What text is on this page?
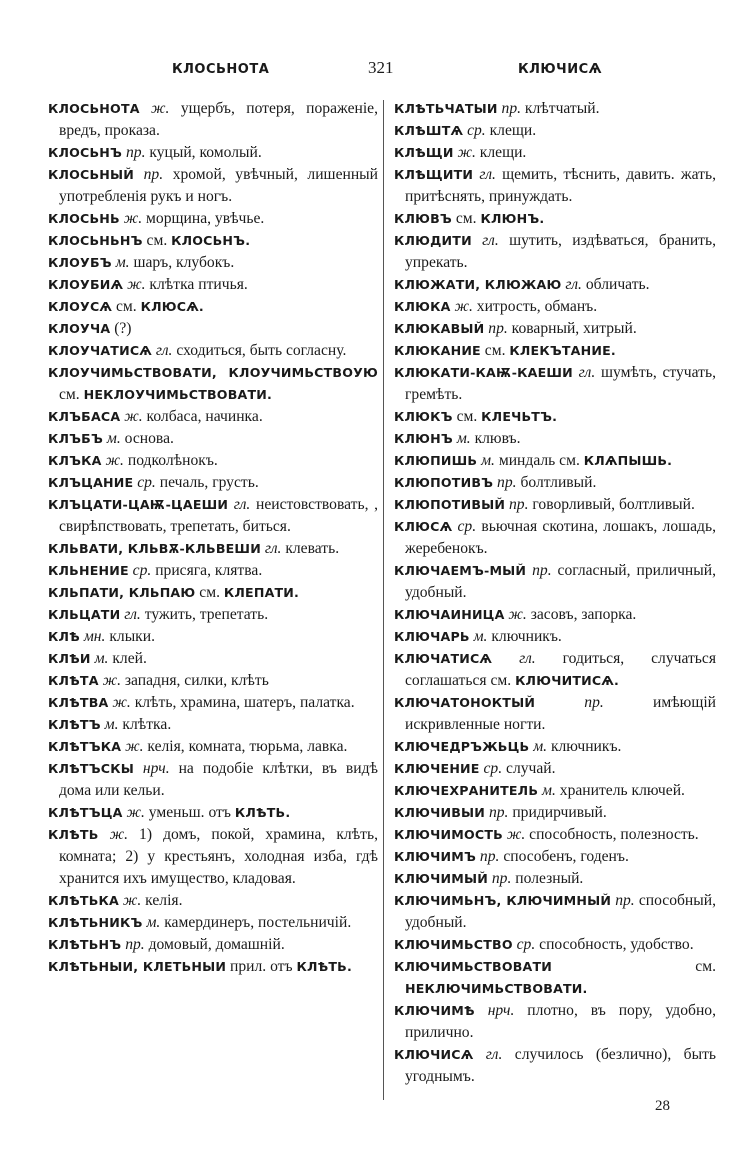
КЛОСЬНОТА	321	КЛЮЧИСѦ

КЛОСЬНОТА ж. ущербъ, потеря, пораженіе, вредъ, проказа.

КЛОСЬНЪ пр. куцый, комолый.

КЛОСЬНЫЙ пр. хромой, увѣчный, лишенный употребленія рукъ и ногъ.

КЛОСЬНЬ ж. морщина, увѣчье.

КЛОСЬНЬНЪ см. КЛОСЬНЪ.

КЛОУБЪ м. шаръ, клубокъ.

КЛОУБИѦ ж. клѣтка птичья.

КЛОУСѦ см. КЛЮСѦ.

КЛОУЧА (?)

КЛОУЧАТИСѦ гл. сходиться, быть согласну.

КЛОУЧИМЬСТВОВАТИ, КЛОУЧИМЬСТВОУЮ см. НЕКЛОУЧИМЬСТВОВАТИ.

КЛЪБАСА ж. колбаса, начинка.

КЛЪБЪ м. основа.

КЛЪКА ж. подколѣнокъ.

КЛЪЦАНИЕ ср. печаль, грусть.

КЛЪЦАТИ-ЦАѬ-ЦАЕШИ гл. неистовствовать, , свирѣпствовать, трепетать, биться.

КЛЬВАТИ, КЛЬВѪ-КЛЬВЕШИ гл. клевать.

КЛЬНЕНИЕ ср. присяга, клятва.

КЛЬПАТИ, КЛЬПАЮ см. КЛЕПАТИ.

КЛЬЦАТИ гл. тужить, трепетать.

КЛѢ мн. клыки.

КЛѢИ м. клей.

КЛѢТА ж. западня, силки, клѣть

КЛѢТВА ж. клѣть, храмина, шатеръ, палатка.

КЛѢТЪ м. клѣтка.

КЛѢТЪКА ж. келія, комната, тюрьма, лавка.

КЛѢТЪСКЫ нрч. на подобіе клѣтки, въ видѣ дома или кельи.

КЛѢТЪЦА ж. уменьш. отъ КЛѢТЬ.

КЛѢТЬ ж. 1) домъ, покой, храмина, клѣть, комната; 2) у крестьянъ, холодная изба, гдѣ хранится ихъ имущество, кладовая.

КЛѢТЬКА ж. келія.

КЛѢТЬНИКЪ м. камердинеръ, постельничій.

КЛѢТЬНЪ пр. домовый, домашній.

КЛѢТЬНЫИ, КЛЕТЬНЫИ прил. отъ КЛѢТЬ.

КЛѢТЬЧАТЫИ пр. клѣтчатый.

КЛѢШТѦ ср. клещи.

КЛѢЩИ ж. клещи.

КЛѢЩИТИ гл. щемить, тѣснить, давить. жать, притѣснять, принуждать.

КЛЮВЪ см. КЛЮНЪ.

КЛЮДИТИ гл. шутить, издѣваться, бранить, упрекать.

КЛЮЖАТИ, КЛЮЖАЮ гл. обличать.

КЛЮКА ж. хитрость, обманъ.

КЛЮКАВЫЙ пр. коварный, хитрый.

КЛЮКАНИЕ см. КЛЕКЪТАНИЕ.

КЛЮКАТИ-КАѬ-КАЕШИ гл. шумѣть, стучать, гремѣть.

КЛЮКЪ см. КЛЕЧЬТЪ.

КЛЮНЪ м. клювъ.

КЛЮПИШЬ м. миндаль см. КЛѦПЫШЬ.

КЛЮПОТИВЪ пр. болтливый.

КЛЮПОТИВЫЙ пр. говорливый, болтливый.

КЛЮСѦ ср. вьючная скотина, лошакъ, лошадь, жеребенокъ.

КЛЮЧАЕМЪ-МЫЙ пр. согласный, приличный, удобный.

КЛЮЧАИНИЦА ж. засовъ, запорка.

КЛЮЧАРЬ м. ключникъ.

КЛЮЧАТИСѦ гл. годиться, случаться соглашаться см. КЛЮЧИТИСѦ.

КЛЮЧАТОНОКТЫЙ пр. имѣющій искривленные ногти.

КЛЮЧЕДРЪЖЬЦЬ м. ключникъ.

КЛЮЧЕНИЕ ср. случай.

КЛЮЧЕХРАНИТЕЛЬ м. хранитель ключей.

КЛЮЧИВЫИ пр. придирчивый.

КЛЮЧИМОСТЬ ж. способность, полезность.

КЛЮЧИМЪ пр. способенъ, годенъ.

КЛЮЧИМЫЙ пр. полезный.

КЛЮЧИМЬНЪ, КЛЮЧИМНЫЙ пр. способный, удобный.

КЛЮЧИМЬСТВО ср. способность, удобство.

КЛЮЧИМЬСТВОВАТИ см. НЕКЛЮЧИМЬСТВОВАТИ.

КЛЮЧИМѢ нрч. плотно, въ пору, удобно, прилично.

КЛЮЧИСѦ гл. случилось (безлично), быть угоднымъ.

28
